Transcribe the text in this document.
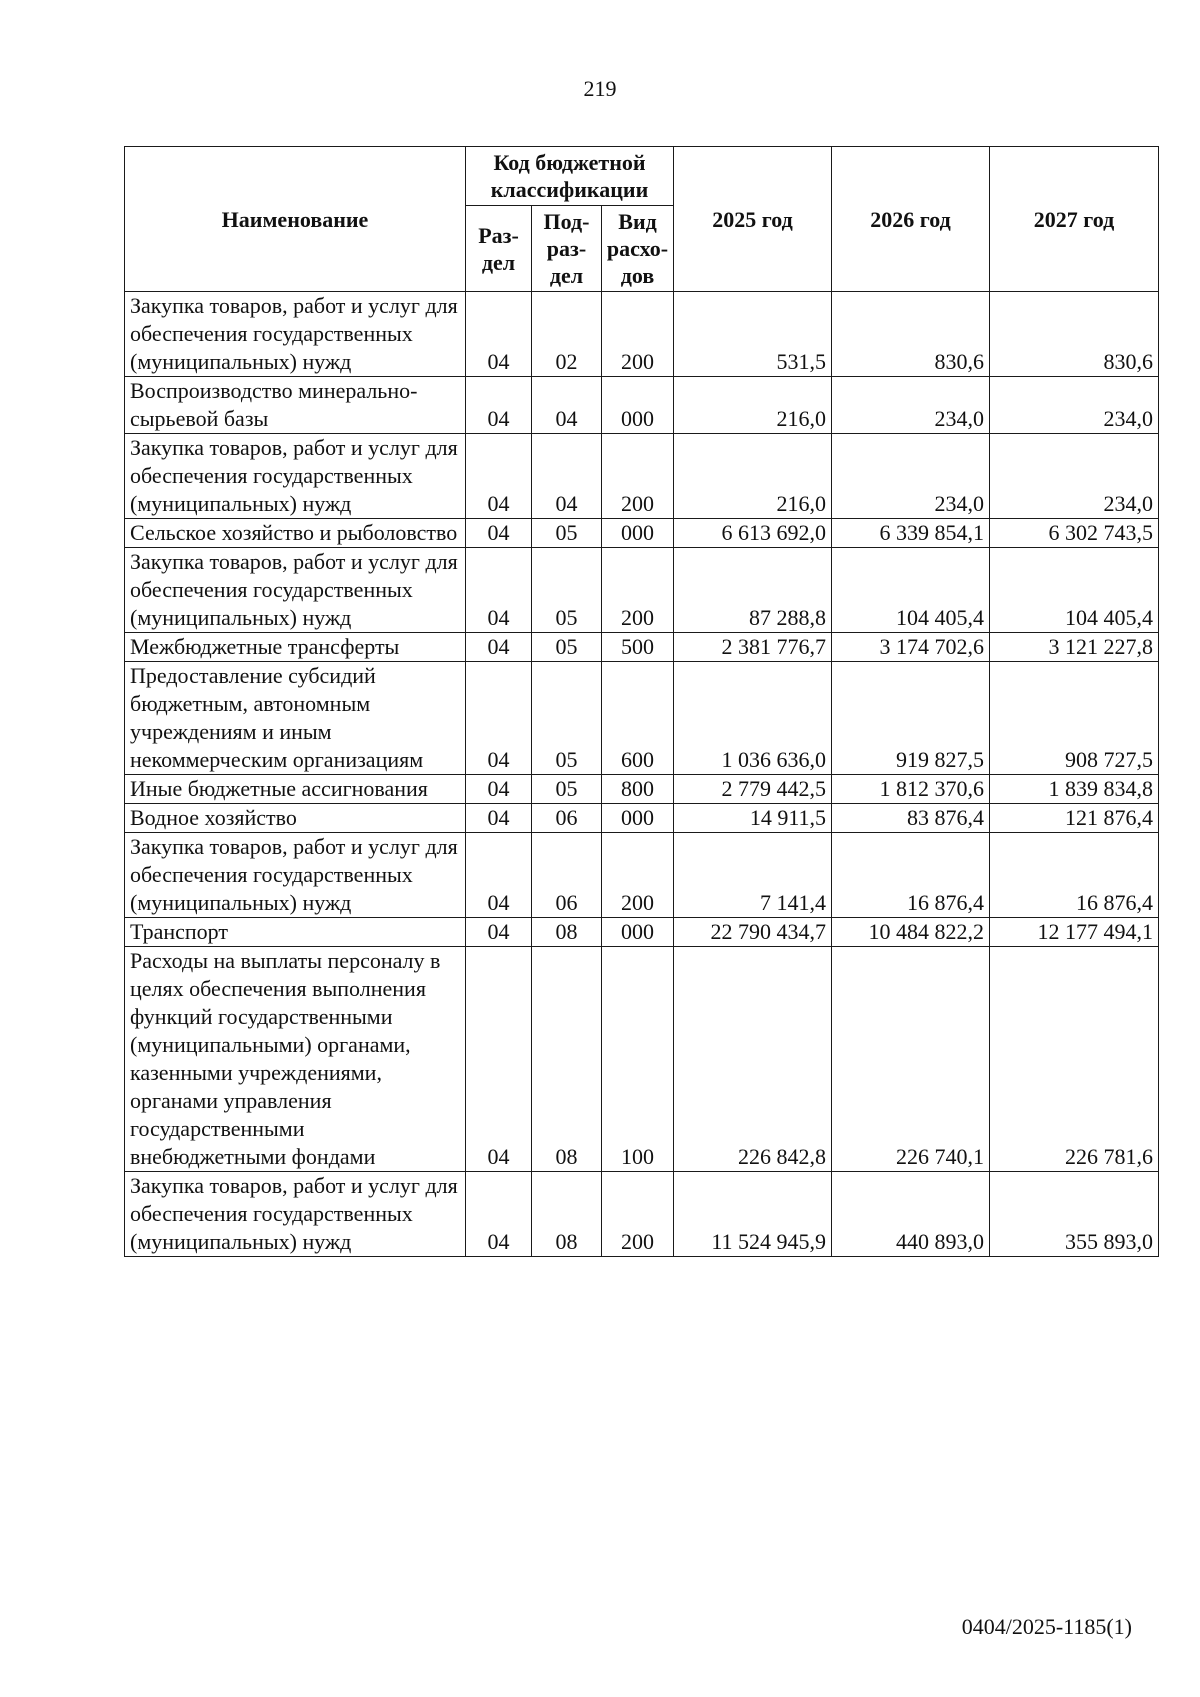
219
Наименование	Код бюджетной классификации			2025 год	2026 год	2027 год
	Раз-дел	Под-раз-дел	Вид расхо-дов			
Закупка товаров, работ и услуг для обеспечения государственных (муниципальных) нужд	04	02	200	531,5	830,6	830,6
Воспроизводство минерально-сырьевой базы	04	04	000	216,0	234,0	234,0
Закупка товаров, работ и услуг для обеспечения государственных (муниципальных) нужд	04	04	200	216,0	234,0	234,0
Сельское хозяйство и рыболовство	04	05	000	6 613 692,0	6 339 854,1	6 302 743,5
Закупка товаров, работ и услуг для обеспечения государственных (муниципальных) нужд	04	05	200	87 288,8	104 405,4	104 405,4
Межбюджетные трансферты	04	05	500	2 381 776,7	3 174 702,6	3 121 227,8
Предоставление субсидий бюджетным, автономным учреждениям и иным некоммерческим организациям	04	05	600	1 036 636,0	919 827,5	908 727,5
Иные бюджетные ассигнования	04	05	800	2 779 442,5	1 812 370,6	1 839 834,8
Водное хозяйство	04	06	000	14 911,5	83 876,4	121 876,4
Закупка товаров, работ и услуг для обеспечения государственных (муниципальных) нужд	04	06	200	7 141,4	16 876,4	16 876,4
Транспорт	04	08	000	22 790 434,7	10 484 822,2	12 177 494,1
Расходы на выплаты персоналу в целях обеспечения выполнения функций государственными (муниципальными) органами, казенными учреждениями, органами управления государственными внебюджетными фондами	04	08	100	226 842,8	226 740,1	226 781,6
Закупка товаров, работ и услуг для обеспечения государственных (муниципальных) нужд	04	08	200	11 524 945,9	440 893,0	355 893,0
0404/2025-1185(1)
